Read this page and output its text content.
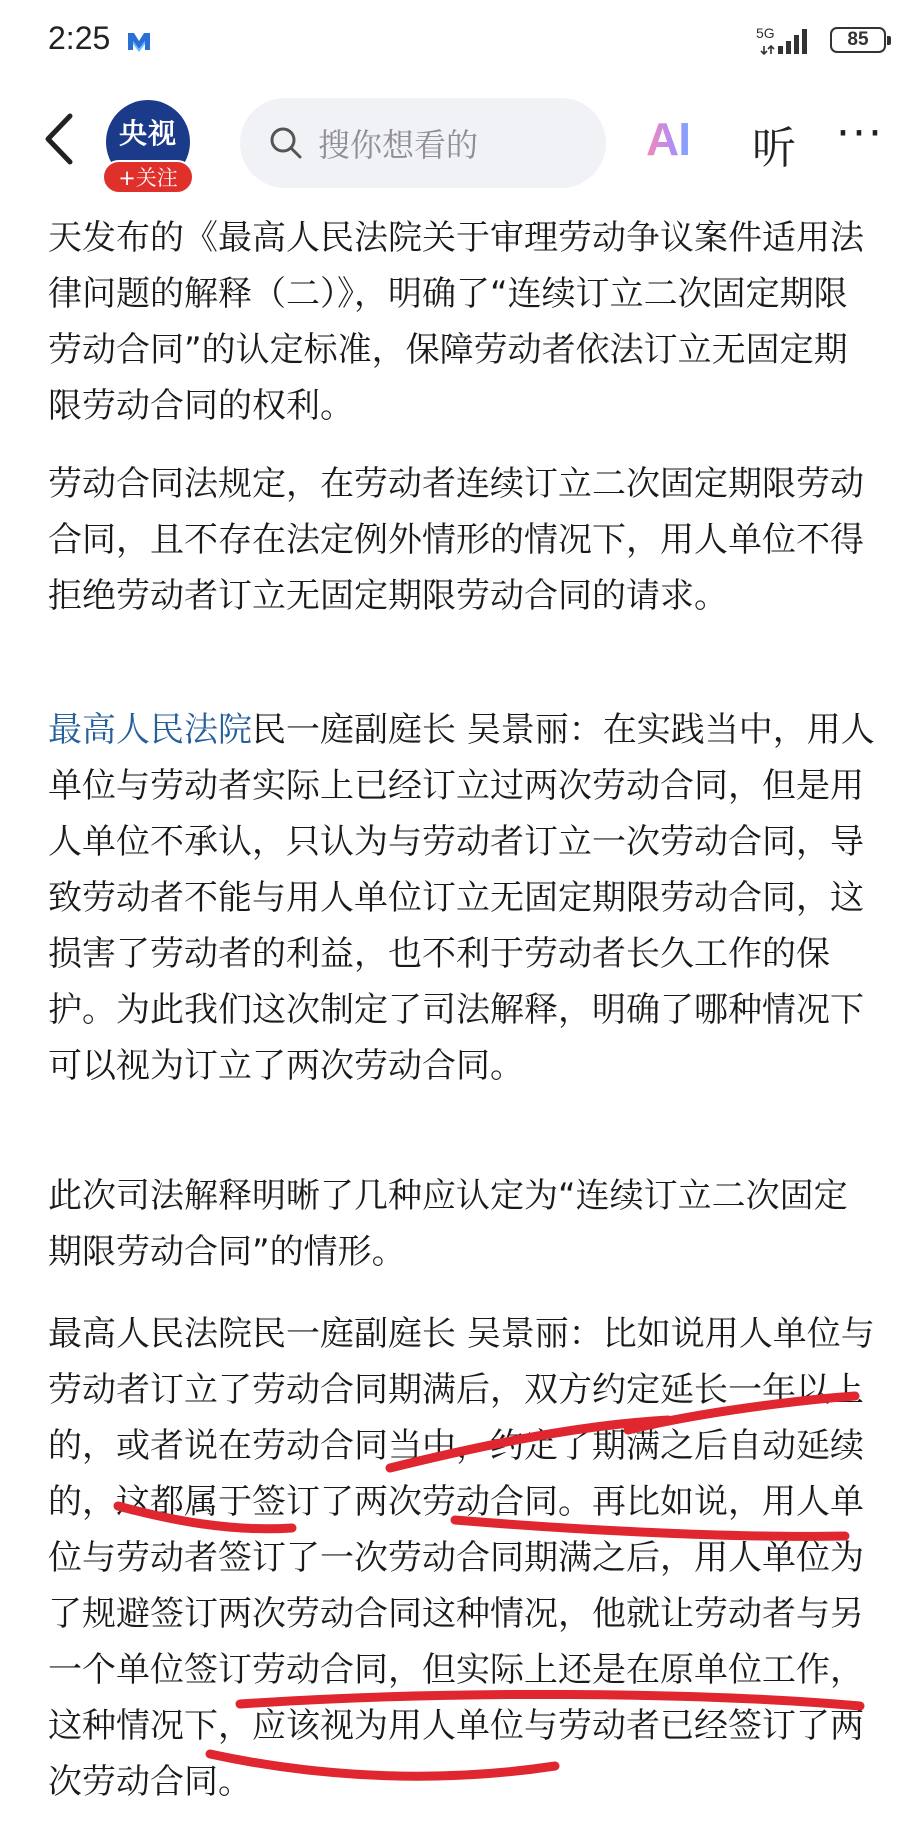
2:25	5G	85
央视
+关注
搜你想看的	AI 听 ···

天发布的《最高人民法院关于审理劳动争议案件适用法律问题的解释（二）》，明确了“连续订立二次固定期限劳动合同”的认定标准，保障劳动者依法订立无固定期限劳动合同的权利。

劳动合同法规定，在劳动者连续订立二次固定期限劳动合同，且不存在法定例外情形的情况下，用人单位不得拒绝劳动者订立无固定期限劳动合同的请求。

最高人民法院民一庭副庭长 吴景丽：在实践当中，用人单位与劳动者实际上已经订立过两次劳动合同，但是用人单位不承认，只认为与劳动者订立一次劳动合同，导致劳动者不能与用人单位订立无固定期限劳动合同，这损害了劳动者的利益，也不利于劳动者长久工作的保护。为此我们这次制定了司法解释，明确了哪种情况下可以视为订立了两次劳动合同。

此次司法解释明晰了几种应认定为“连续订立二次固定期限劳动合同”的情形。

最高人民法院民一庭副庭长 吴景丽：比如说用人单位与劳动者订立了劳动合同期满后，双方约定延长一年以上的，或者说在劳动合同当中，约定了期满之后自动延续的，这都属于签订了两次劳动合同。再比如说，用人单位与劳动者签订了一次劳动合同期满之后，用人单位为了规避签订两次劳动合同这种情况，他就让劳动者与另一个单位签订劳动合同，但实际上还是在原单位工作，这种情况下，应该视为用人单位与劳动者已经签订了两次劳动合同。
